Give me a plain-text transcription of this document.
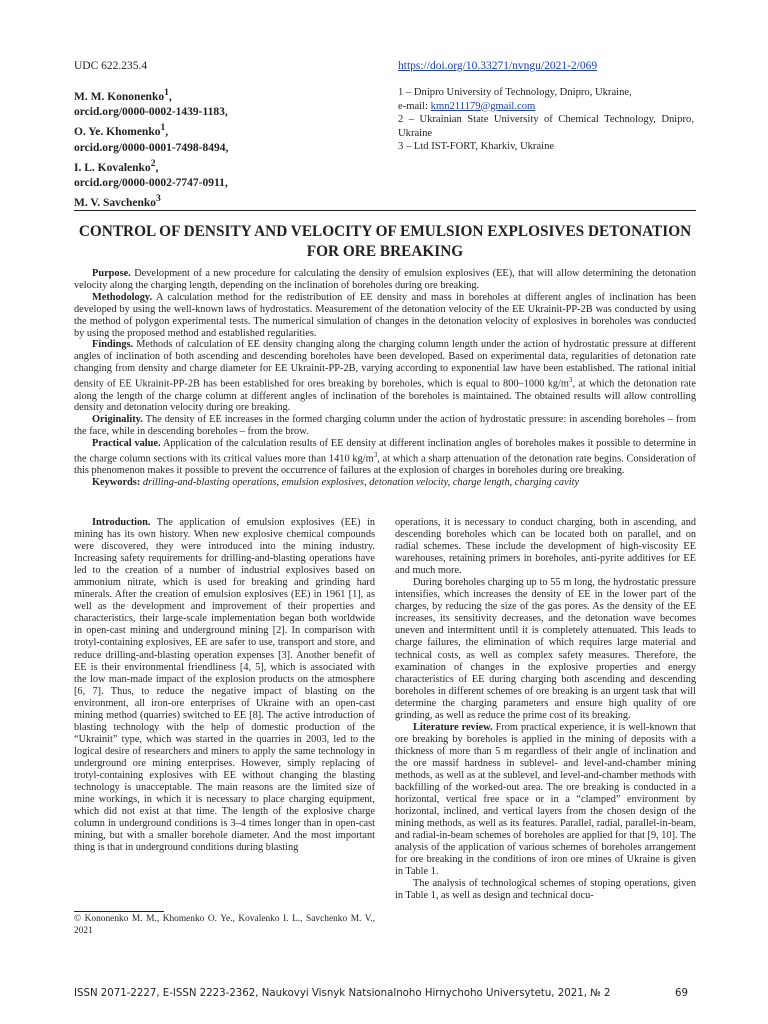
UDC 622.235.4	https://doi.org/10.33271/nvngu/2021-2/069
M. M. Kononenko$^1$,
orcid.org/0000-0002-1439-1183,
O. Ye. Khomenko$^1$,
orcid.org/0000-0001-7498-8494,
I. L. Kovalenko$^2$,
orcid.org/0000-0002-7747-0911,
M. V. Savchenko$^3$
1 – Dnipro University of Technology, Dnipro, Ukraine,
e-mail: kmn211179@gmail.com
2 – Ukrainian State University of Chemical Technology, Dnipro, Ukraine
3 – Ltd IST-FORT, Kharkiv, Ukraine
CONTROL OF DENSITY AND VELOCITY OF EMULSION EXPLOSIVES DETONATION FOR ORE BREAKING

Purpose. Development of a new procedure for calculating the density of emulsion explosives (EE), that will allow determining the detonation velocity along the charging length, depending on the inclination of boreholes during ore breaking.

Methodology. A calculation method for the redistribution of EE density and mass in boreholes at different angles of inclination has been developed by using the well-known laws of hydrostatics. Measurement of the detonation velocity of the EE Ukrainit-PP-2B was conducted by using the method of polygon experimental tests. The numerical simulation of changes in the detonation velocity of explosives in boreholes was conducted by using the proposed method and established regularities.

Findings. Methods of calculation of EE density changing along the charging column length under the action of hydrostatic pressure at different angles of inclination of both ascending and descending boreholes have been developed. Based on experimental data, regularities of detonation rate changing from density and charge diameter for EE Ukrainit-PP-2B, varying according to exponential law have been established. The rational initial density of EE Ukrainit-PP-2B has been established for ores breaking by boreholes, which is equal to 800–1000 $kg/m^3$, at which the detonation rate along the length of the charge column at different angles of inclination of the boreholes is maintained. The obtained results will allow controlling density and detonation velocity during ore breaking.

Originality. The density of EE increases in the formed charging column under the action of hydrostatic pressure: in ascending boreholes – from the face, while in descending boreholes – from the brow.

Practical value. Application of the calculation results of EE density at different inclination angles of boreholes makes it possible to determine in the charge column sections with its critical values more than 1410 $kg/m^3$, at which a sharp attenuation of the detonation rate begins. Consideration of this phenomenon makes it possible to prevent the occurrence of failures at the explosion of charges in boreholes during ore breaking.

Keywords: drilling-and-blasting operations, emulsion explosives, detonation velocity, charge length, charging cavity

Introduction. The application of emulsion explosives (EE) in mining has its own history. When new explosive chemical compounds were discovered, they were introduced into the mining industry. Increasing safety requirements for drilling-and-blasting operations have led to the creation of a number of industrial explosives based on ammonium nitrate, which is used for breaking and grinding hard minerals. After the creation of emulsion explosives (EE) in 1961 [1], as well as the development and improvement of their properties and characteristics, their large-scale implementation began both worldwide in open-cast mining and underground mining [2]. In comparison with trotyl-containing explosives, EE are safer to use, transport and store, and reduce drilling-and-blasting operation expenses [3]. Another benefit of EE is their environmental friendliness [4, 5], which is associated with the low man-made impact of the explosion products on the atmosphere [6, 7]. Thus, to reduce the negative impact of blasting on the environment, all iron-ore enterprises of Ukraine with an open-cast mining method (quarries) switched to EE [8]. The active introduction of blasting technology with the help of domestic production of the “Ukrainit” type, which was started in the quarries in 2003, led to the logical desire of researchers and miners to apply the same technology in underground ore mining enterprises. However, simply replacing of trotyl-containing explosives with EE without changing the blasting technology is unacceptable. The main reasons are the limited size of mine workings, in which it is necessary to place charging equipment, which did not exist at that time. The length of the explosive charge column in underground conditions is 3–4 times longer than in open-cast mining, but with a smaller borehole diameter. And the most important thing is that in underground conditions during blasting

operations, it is necessary to conduct charging, both in ascending, and descending boreholes which can be located both on parallel, and on radial schemes. These include the development of high-viscosity EE warehouses, retaining primers in boreholes, anti-pyrite additives for EE and much more.

During boreholes charging up to 55 m long, the hydrostatic pressure intensifies, which increases the density of EE in the lower part of the charges, by reducing the size of the gas pores. As the density of the EE increases, its sensitivity decreases, and the detonation wave becomes uneven and intermittent until it is completely attenuated. This leads to charge failures, the elimination of which requires large material and technical costs, as well as complex safety measures. Therefore, the examination of changes in the explosive properties and energy characteristics of EE during charging both ascending and descending boreholes in different schemes of ore breaking is an urgent task that will determine the charging parameters and ensure high quality of ore grinding, as well as reduce the prime cost of its breaking.

Literature review. From practical experience, it is well-known that ore breaking by boreholes is applied in the mining of deposits with a thickness of more than 5 m regardless of their angle of inclination and the ore massif hardness in sublevel- and level-and-chamber mining methods, as well as at the sublevel, and level-and-chamber methods with backfilling of the worked-out area. The ore breaking is conducted in a horizontal, vertical free space or in a “clamped” environment by horizontal, inclined, and vertical layers from the chosen design of the mining methods, as well as its features. Parallel, radial, parallel-in-beam, and radial-in-beam schemes of boreholes are applied for that [9, 10]. The analysis of the application of various schemes of boreholes arrangement for ore breaking in the conditions of iron ore mines of Ukraine is given in Table 1.

The analysis of technological schemes of stoping operations, given in Table 1, as well as design and technical docu-

© Kononenko M. M., Khomenko O. Ye., Kovalenko I. L., Savchenko M. V., 2021
ISSN 2071-2227, E-ISSN 2223-2362, Naukovyi Visnyk Natsionalnoho Hirnychoho Universytetu, 2021, № 2	69
